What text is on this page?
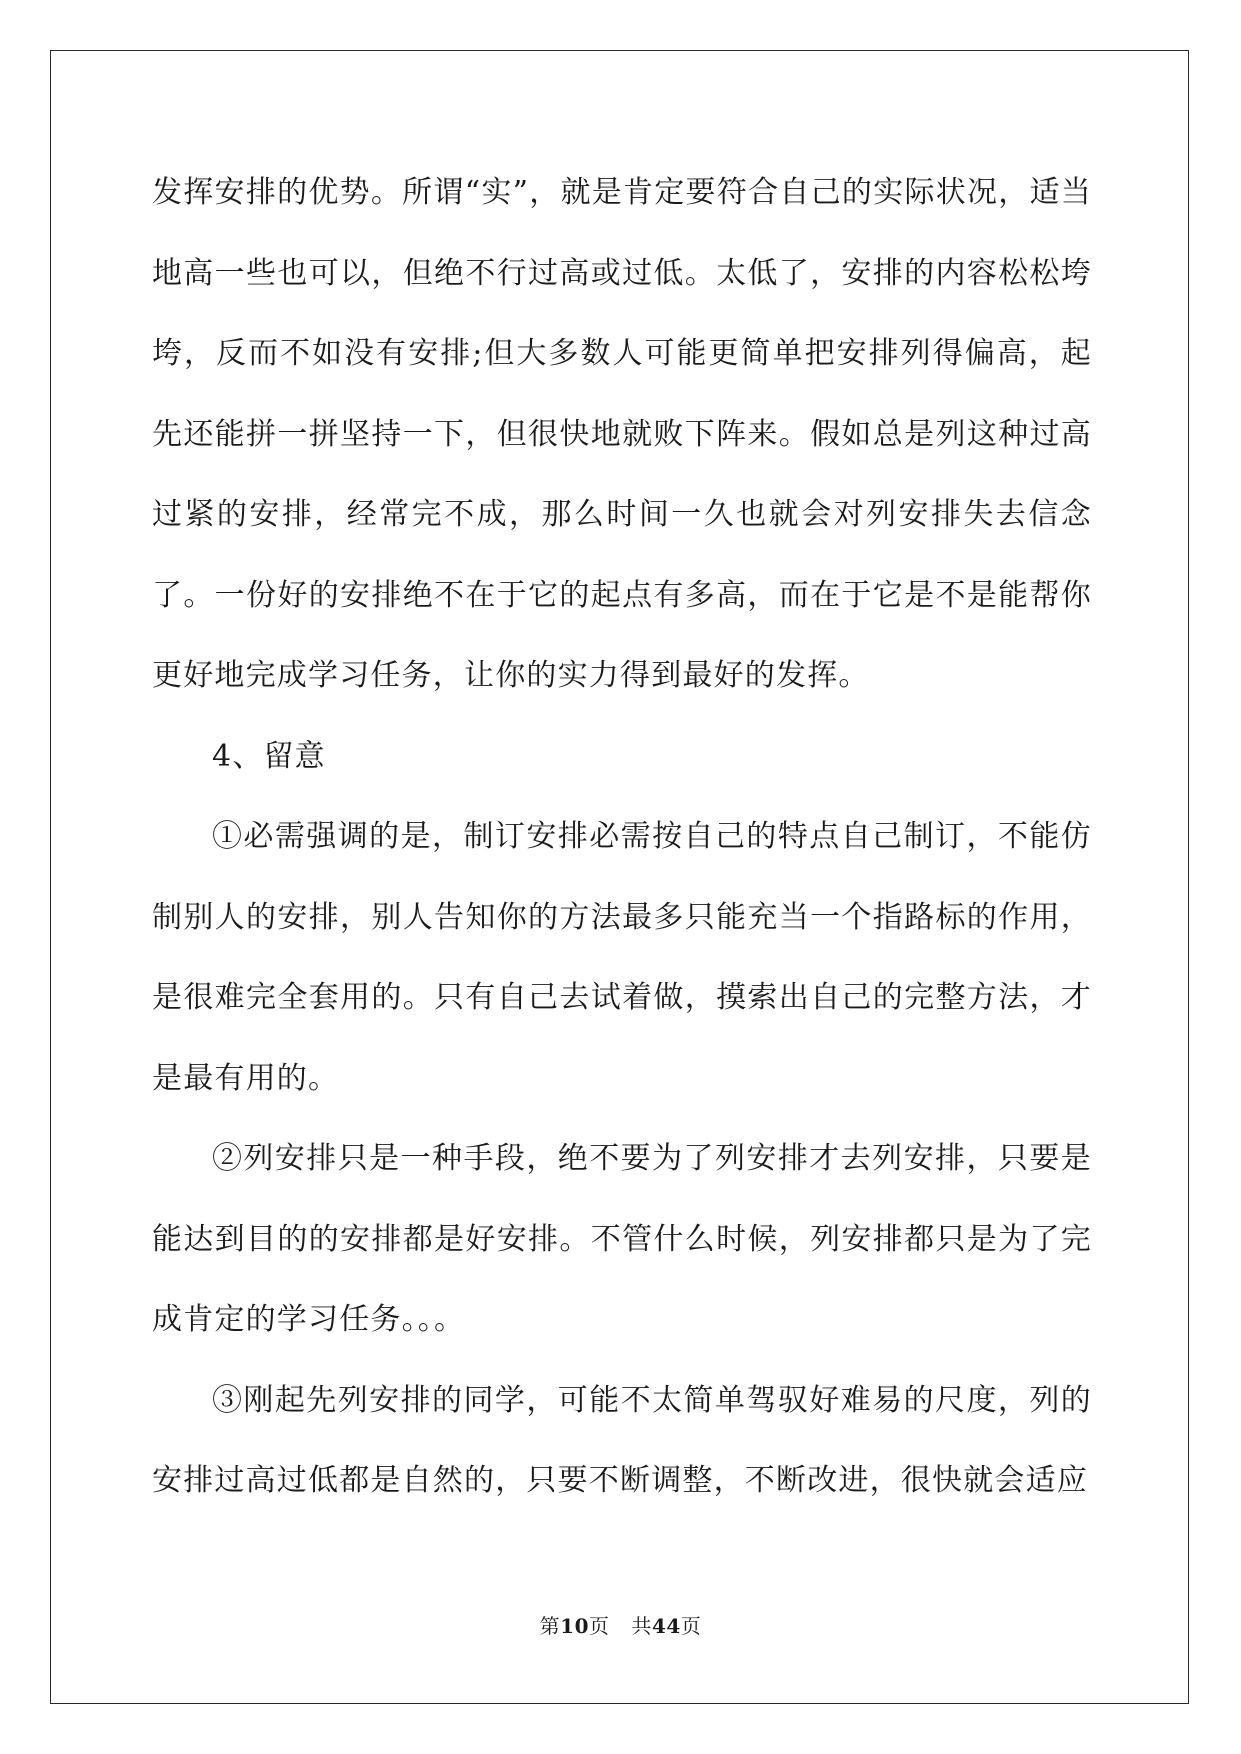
发挥安排的优势。所谓“实”，就是肯定要符合自己的实际状况，适当地高一些也可以，但绝不行过高或过低。太低了，安排的内容松松垮垮，反而不如没有安排;但大多数人可能更简单把安排列得偏高，起先还能拼一拼坚持一下，但很快地就败下阵来。假如总是列这种过高过紧的安排，经常完不成，那么时间一久也就会对列安排失去信念了。一份好的安排绝不在于它的起点有多高，而在于它是不是能帮你更好地完成学习任务，让你的实力得到最好的发挥。

4、留意

①必需强调的是，制订安排必需按自己的特点自己制订，不能仿制别人的安排，别人告知你的方法最多只能充当一个指路标的作用，是很难完全套用的。只有自己去试着做，摸索出自己的完整方法，才是最有用的。

②列安排只是一种手段，绝不要为了列安排才去列安排，只要是能达到目的的安排都是好安排。不管什么时候，列安排都只是为了完成肯定的学习任务。。。

③刚起先列安排的同学，可能不太简单驾驭好难易的尺度，列的安排过高过低都是自然的，只要不断调整，不断改进，很快就会适应

第10页 共44页
